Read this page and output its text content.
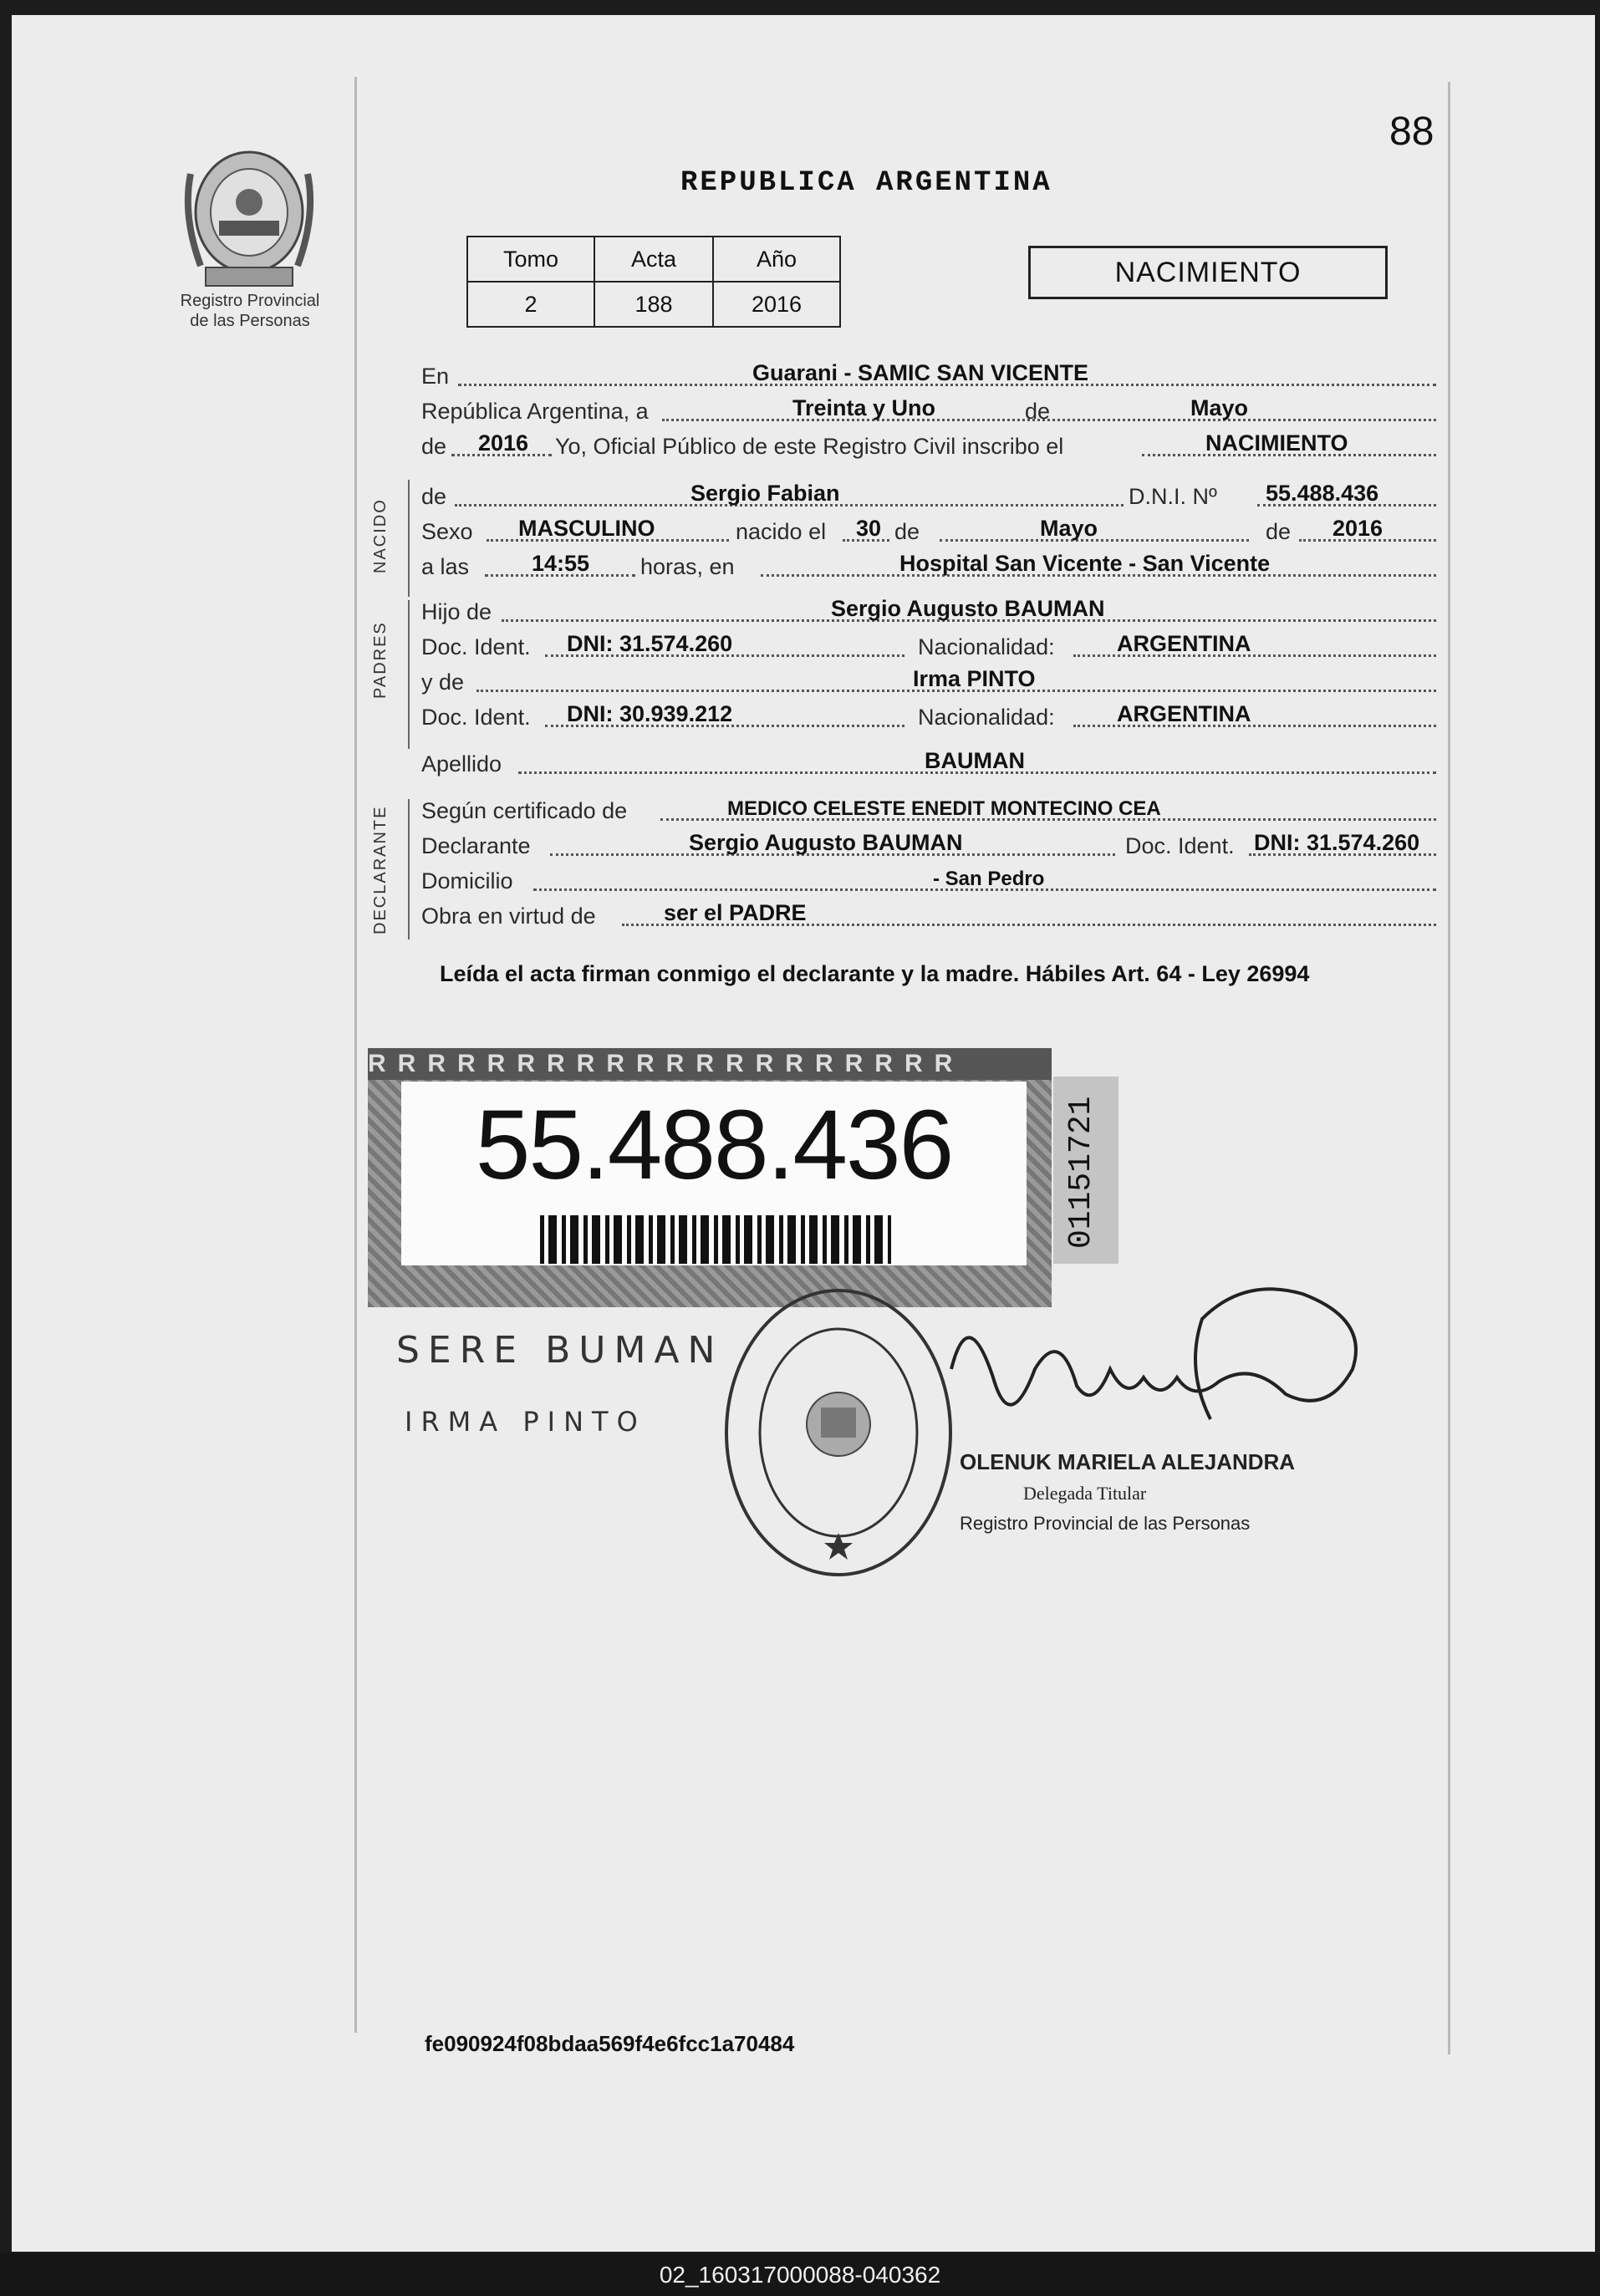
88
Registro Provincial
de las Personas
REPUBLICA ARGENTINA
Tomo	Acta	Año
2	188	2016
NACIMIENTO
En	Guarani - SAMIC SAN VICENTE
República Argentina, a	Treinta y Uno	de	Mayo
de 2016 Yo, Oficial Público de este Registro Civil inscribo el	NACIMIENTO
NACIDO
de	Sergio Fabian	D.N.I. Nº 55.488.436
Sexo MASCULINO	nacido el 30 de	Mayo	de 2016
a las	14:55 horas, en	Hospital San Vicente - San Vicente
PADRES
Hijo de	Sergio Augusto BAUMAN
Doc. Ident. DNI: 31.574.260	Nacionalidad:	ARGENTINA
y de	Irma PINTO
Doc. Ident. DNI: 30.939.212	Nacionalidad:	ARGENTINA
Apellido	BAUMAN
DECLARANTE Según certificado de	MEDICO CELESTE ENEDIT MONTECINO CEA
Declarante	Sergio Augusto BAUMAN	Doc. Ident. DNI: 31.574.260
Domicilio	- San Pedro
Obra en virtud de	ser el PADRE
Leída el acta firman conmigo el declarante y la madre. Hábiles Art. 64 - Ley 26994
RRRRRRRRRRRRRRRRRRRR
55.488.436	01151721
SERE BUMAN
IRMA PINTO
OLENUK MARIELA ALEJANDRA
Delegada Titular
Registro Provincial de las Personas
fe090924f08bdaa569f4e6fcc1a70484
02_160317000088-040362
